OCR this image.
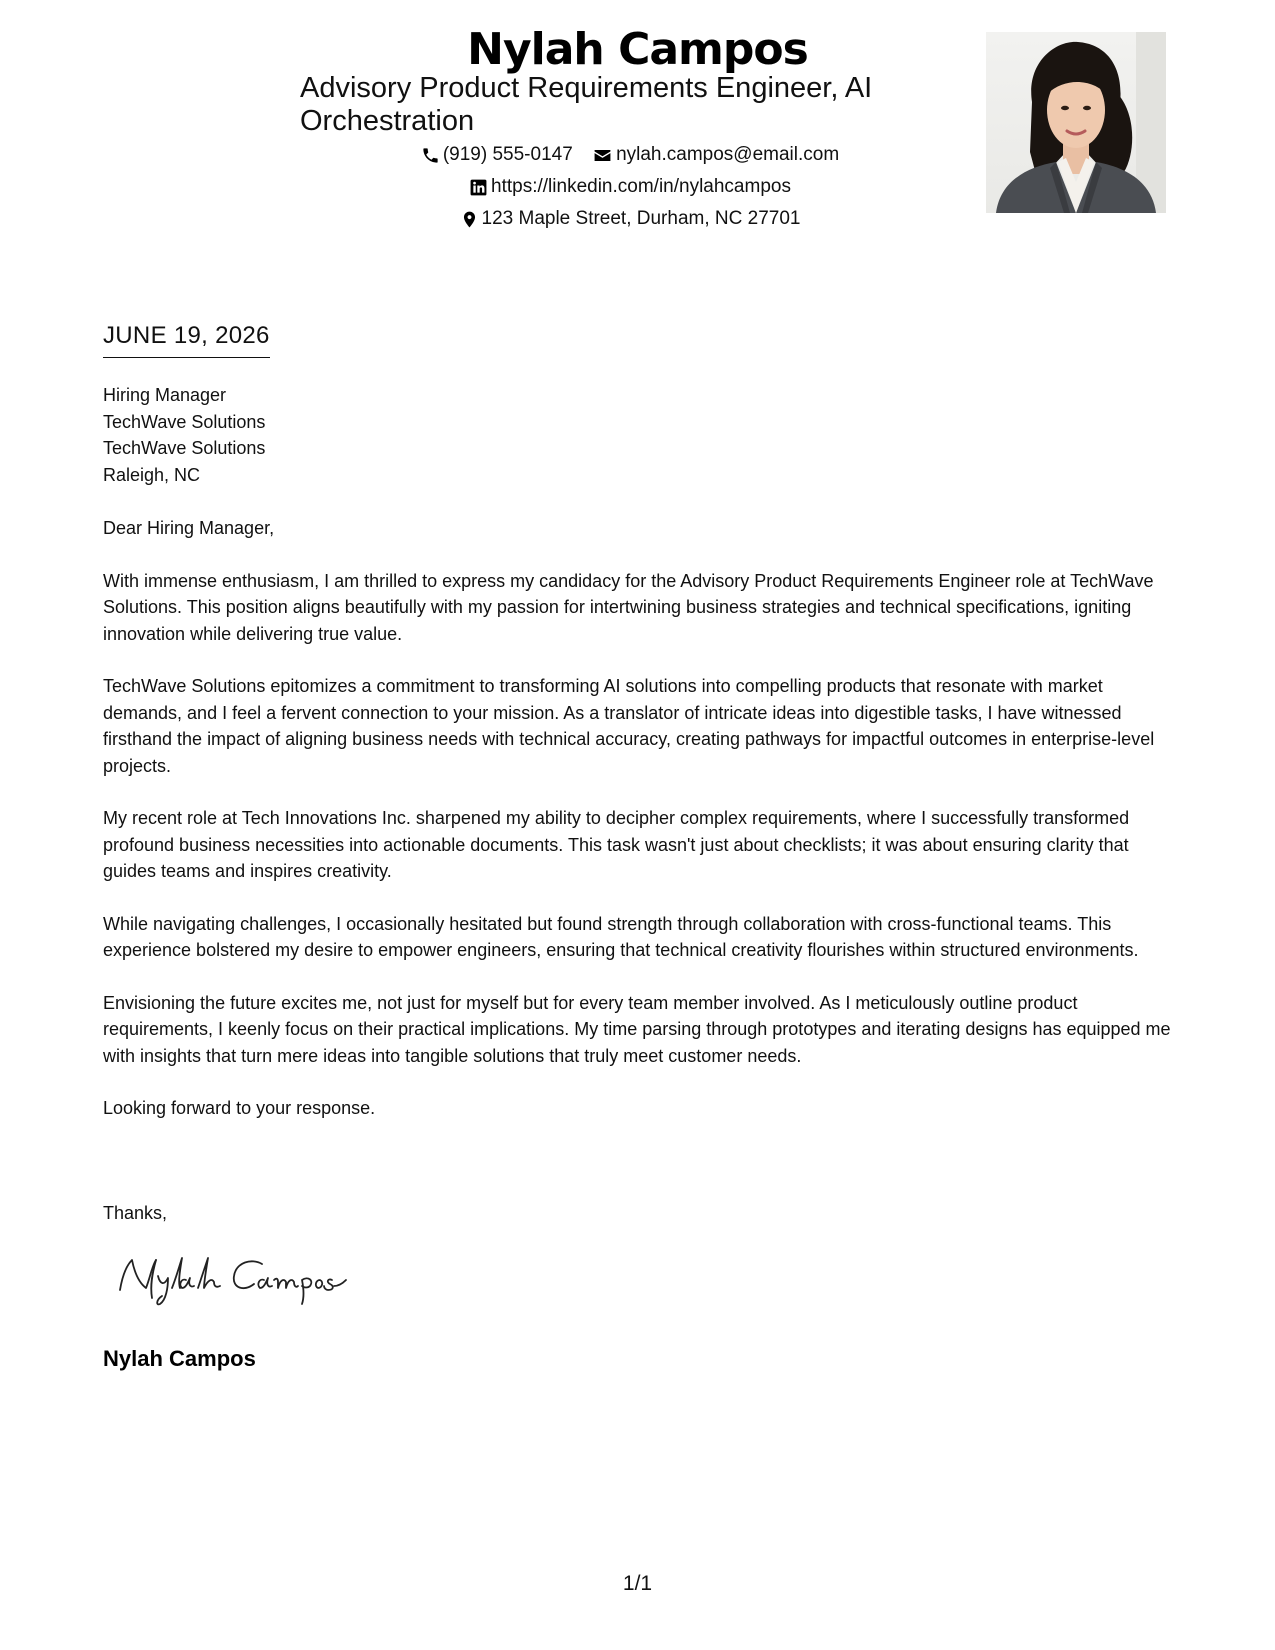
Nylah Campos
Advisory Product Requirements Engineer, AI Orchestration
(919) 555-0147
nylah.campos@email.com
https://linkedin.com/in/nylahcampos
123 Maple Street, Durham, NC 27701
JUNE 19, 2026
Hiring Manager
TechWave Solutions
TechWave Solutions
Raleigh, NC

Dear Hiring Manager,

With immense enthusiasm, I am thrilled to express my candidacy for the Advisory Product Requirements Engineer role at TechWave Solutions. This position aligns beautifully with my passion for intertwining business strategies and technical specifications, igniting innovation while delivering true value.

TechWave Solutions epitomizes a commitment to transforming AI solutions into compelling products that resonate with market demands, and I feel a fervent connection to your mission. As a translator of intricate ideas into digestible tasks, I have witnessed firsthand the impact of aligning business needs with technical accuracy, creating pathways for impactful outcomes in enterprise-level projects.

My recent role at Tech Innovations Inc. sharpened my ability to decipher complex requirements, where I successfully transformed profound business necessities into actionable documents. This task wasn't just about checklists; it was about ensuring clarity that guides teams and inspires creativity.

While navigating challenges, I occasionally hesitated but found strength through collaboration with cross-functional teams. This experience bolstered my desire to empower engineers, ensuring that technical creativity flourishes within structured environments.

Envisioning the future excites me, not just for myself but for every team member involved. As I meticulously outline product requirements, I keenly focus on their practical implications. My time parsing through prototypes and iterating designs has equipped me with insights that turn mere ideas into tangible solutions that truly meet customer needs.

Looking forward to your response.

Thanks,
Nylah Campos
1/1
